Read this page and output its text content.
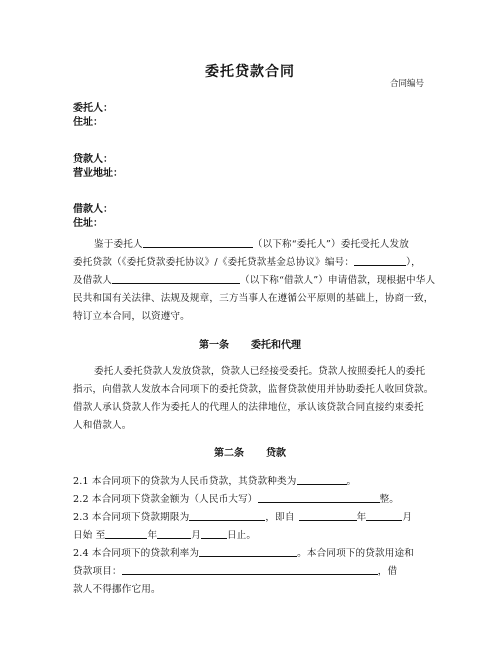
委托贷款合同
合同编号
委托人：
住址：
贷款人：
营业地址：
借款人：
住址：
鉴于委托人	（以下称“委托人”）委托受托人发放
委托贷款（《委托贷款委托协议》/《委托贷款基金总协议》编号：	），
及借款人	（以下称“借款人”）申请借款，现根据中华人
民共和国有关法律、法规及规章，三方当事人在遵循公平原则的基础上，协商一致，
特订立本合同，以资遵守。
第一条 委托和代理
委托人委托贷款人发放贷款，贷款人已经接受委托。贷款人按照委托人的委托
指示，向借款人发放本合同项下的委托贷款，监督贷款使用并协助委托人收回贷款。
借款人承认贷款人作为委托人的代理人的法律地位，承认该贷款合同直接约束委托
人和借款人。
第二条 贷款
2.1 本合同项下的贷款为人民币贷款，其贷款种类为	。
2.2 本合同项下贷款金额为（人民币大写）	整。
2.3 本合同项下贷款期限为	，即自	年	月
日始 至	年	月	日止。
2.4 本合同项下的贷款利率为	。本合同项下的贷款用途和
贷款项目：	，借
款人不得挪作它用。
